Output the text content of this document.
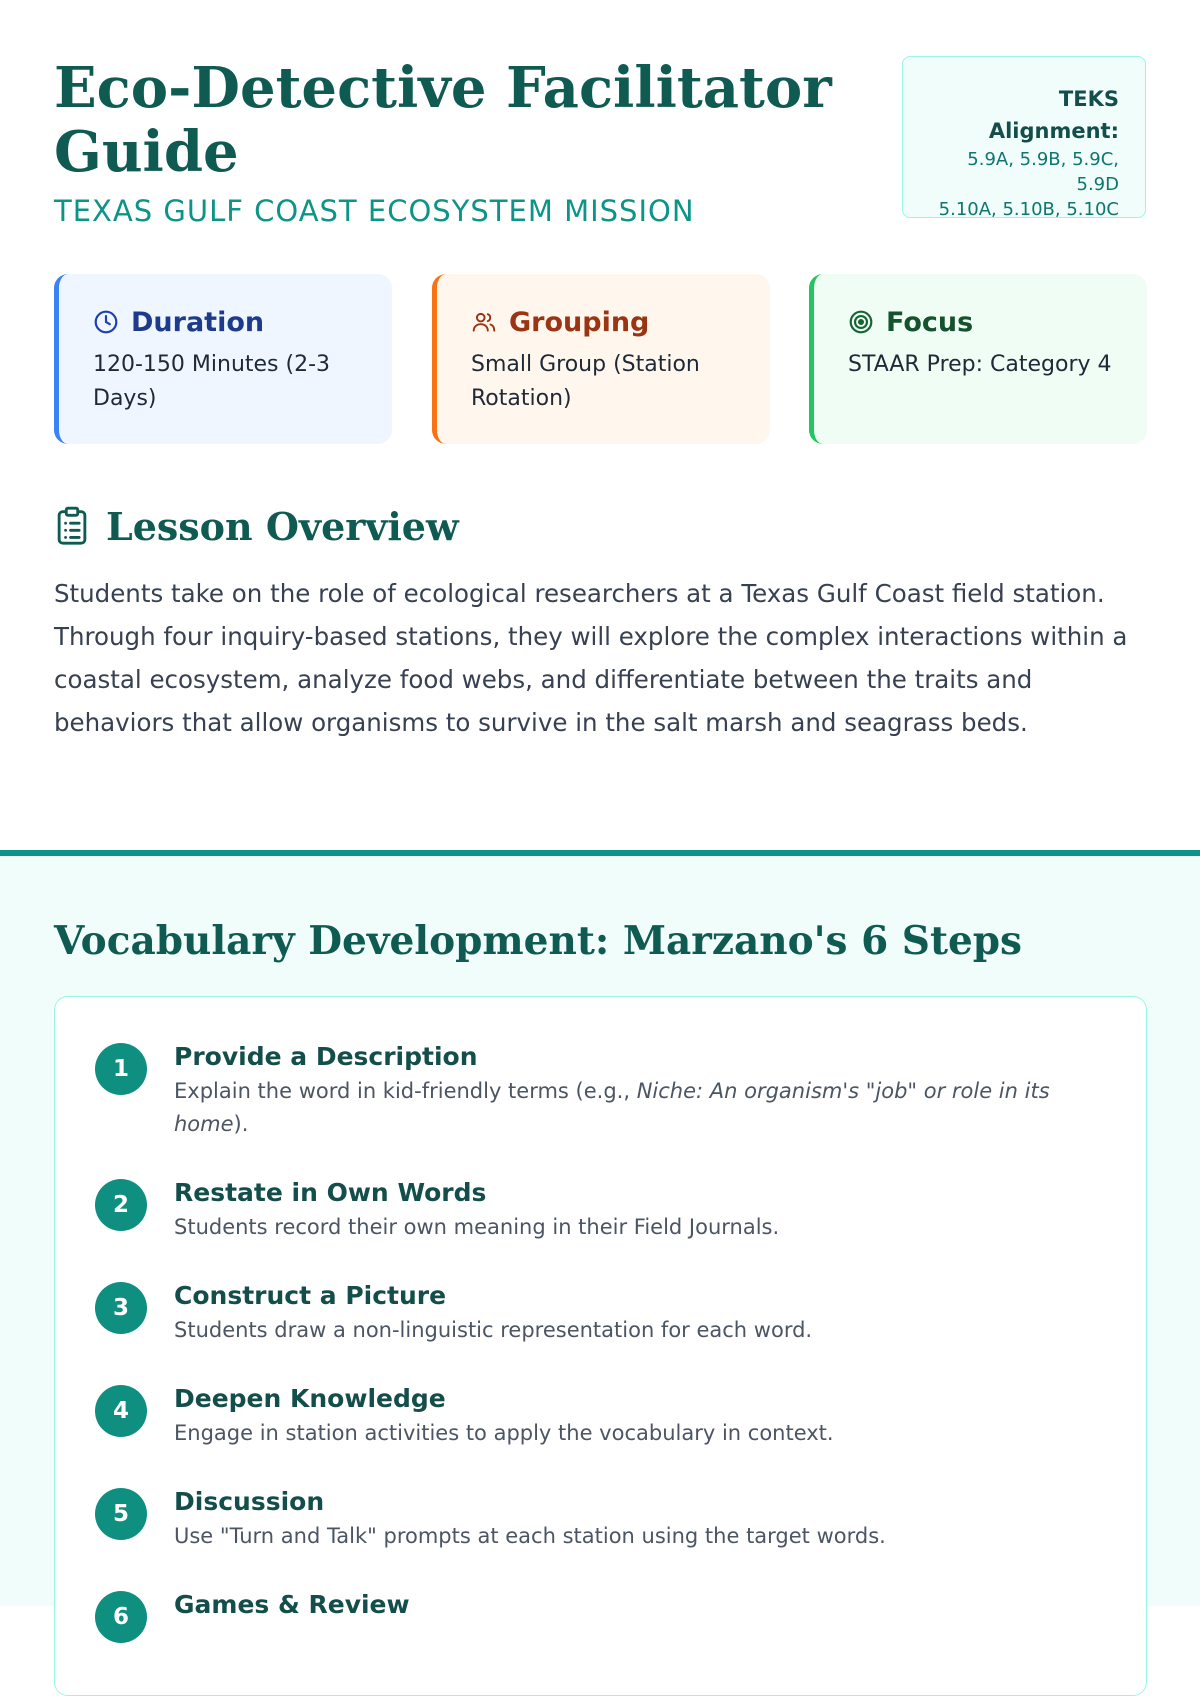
Eco-Detective Facilitator Guide

TEXAS GULF COAST ECOSYSTEM MISSION

TEKS Alignment:
5.9A, 5.9B, 5.9C,
5.9D
5.10A, 5.10B, 5.10C
Duration
120-150 Minutes (2-3 Days)
Grouping
Small Group (Station Rotation)
Focus
STAAR Prep: Category 4
Lesson Overview

Students take on the role of ecological researchers at a Texas Gulf Coast field station. Through four inquiry-based stations, they will explore the complex interactions within a coastal ecosystem, analyze food webs, and differentiate between the traits and behaviors that allow organisms to survive in the salt marsh and seagrass beds.

Vocabulary Development: Marzano's 6 Steps
1	Provide a Description
Explain the word in kid-friendly terms (e.g., Niche: An organism's "job" or role in its home).
2	Restate in Own Words
Students record their own meaning in their Field Journals.
3	Construct a Picture
Students draw a non-linguistic representation for each word.
4	Deepen Knowledge
Engage in station activities to apply the vocabulary in context.
5	Discussion
Use "Turn and Talk" prompts at each station using the target words.
6	Games & Review
